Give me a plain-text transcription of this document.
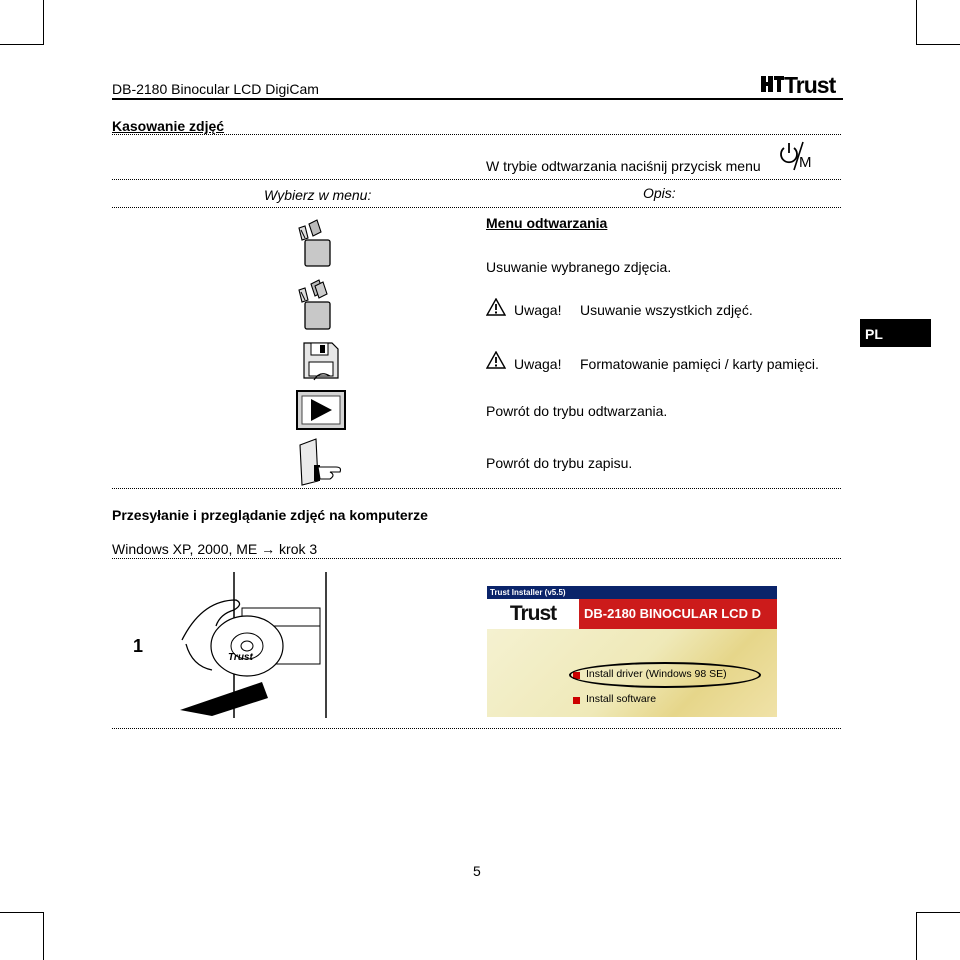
DB-2180 Binocular LCD DigiCam	Trust
Kasowanie zdjęć
W trybie odtwarzania naciśnij przycisk menu	M
Wybierz w menu:	Opis:
Menu odtwarzania
Usuwanie wybranego zdjęcia.
Uwaga! Usuwanie wszystkich zdjęć.
Uwaga! Formatowanie pamięci / karty pamięci.
Powrót do trybu odtwarzania.
Powrót do trybu zapisu.
PL
Przesyłanie i przeglądanie zdjęć na komputerze
Windows XP, 2000, ME → krok 3
1
Trust
Trust Installer (v5.5)
Trust	DB-2180 BINOCULAR LCD D
Install driver (Windows 98 SE)
Install software
5
